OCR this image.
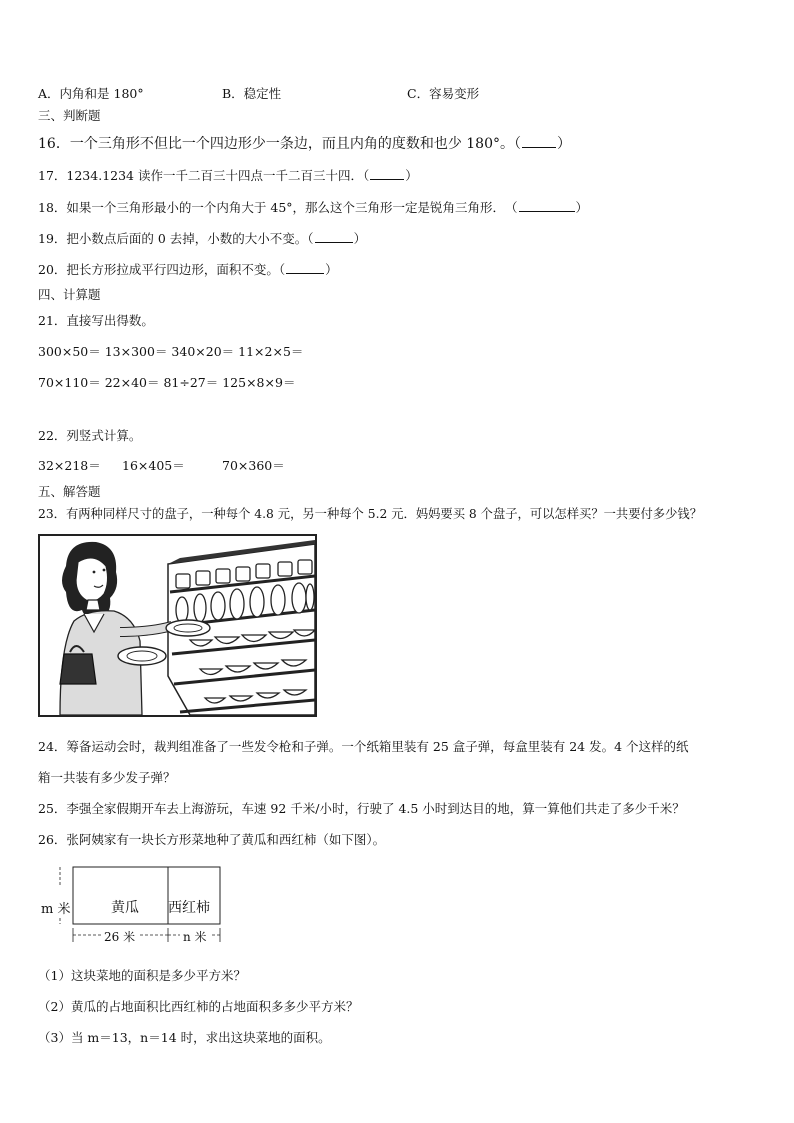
A．内角和是 180°	B．稳定性	C．容易变形
三、判断题
16．一个三角形不但比一个四边形少一条边，而且内角的度数和也少 180°。（	）
17．1234.1234 读作一千二百三十四点一千二百三十四．（	）
18．如果一个三角形最小的一个内角大于 45°，那么这个三角形一定是锐角三角形．　（	）
19．把小数点后面的 0 去掉，小数的大小不变。（	）
20．把长方形拉成平行四边形，面积不变。（	）
四、计算题
21．直接写出得数。
300×50＝ 13×300＝ 340×20＝ 11×2×5＝
70×110＝ 22×40＝ 81÷27＝ 125×8×9＝
22．列竖式计算。
32×218＝ 16×405＝	70×360＝
五、解答题
23．有两种同样尺寸的盘子，一种每个 4.8 元，另一种每个 5.2 元．妈妈要买 8 个盘子，可以怎样买？一共要付多少钱？
24．筹备运动会时，裁判组准备了一些发令枪和子弹。一个纸箱里装有 25 盒子弹，每盒里装有 24 发。4 个这样的纸
箱一共装有多少发子弹？
25．李强全家假期开车去上海游玩，车速 92 千米/小时，行驶了 4.5 小时到达目的地，算一算他们共走了多少千米？
26．张阿姨家有一块长方形菜地种了黄瓜和西红柿（如下图）。
m 米	黄瓜 西红柿
26 米	n 米
（1）这块菜地的面积是多少平方米？
（2）黄瓜的占地面积比西红柿的占地面积多多少平方米？
（3）当 m＝13，n＝14 时，求出这块菜地的面积。
